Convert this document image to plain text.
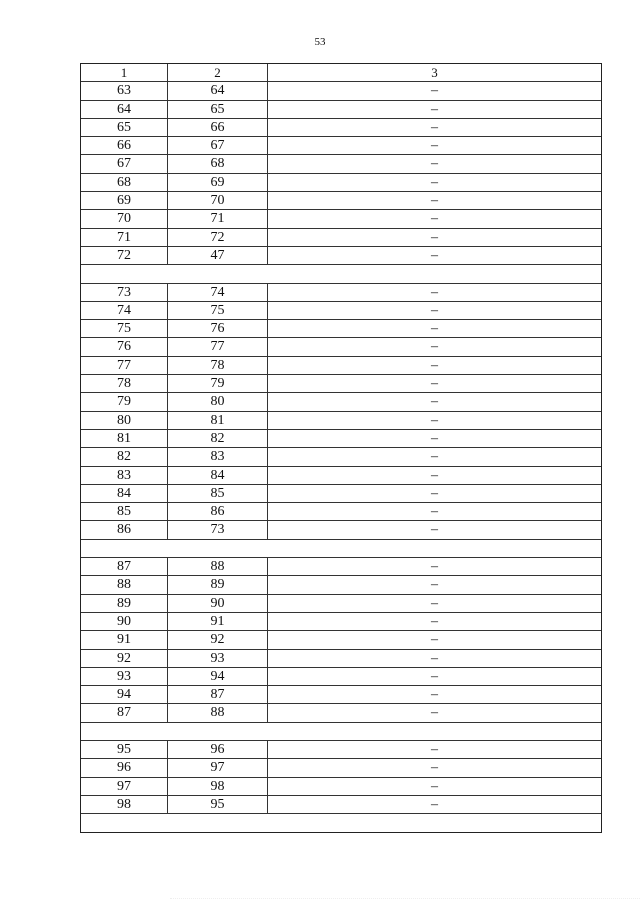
53
1	2	3
63	64	–
64	65	–
65	66	–
66	67	–
67	68	–
68	69	–
69	70	–
70	71	–
71	72	–
72	47	–
73	74	–
74	75	–
75	76	–
76	77	–
77	78	–
78	79	–
79	80	–
80	81	–
81	82	–
82	83	–
83	84	–
84	85	–
85	86	–
86	73	–
87	88	–
88	89	–
89	90	–
90	91	–
91	92	–
92	93	–
93	94	–
94	87	–
87	88	–
95	96	–
96	97	–
97	98	–
98	95	–
